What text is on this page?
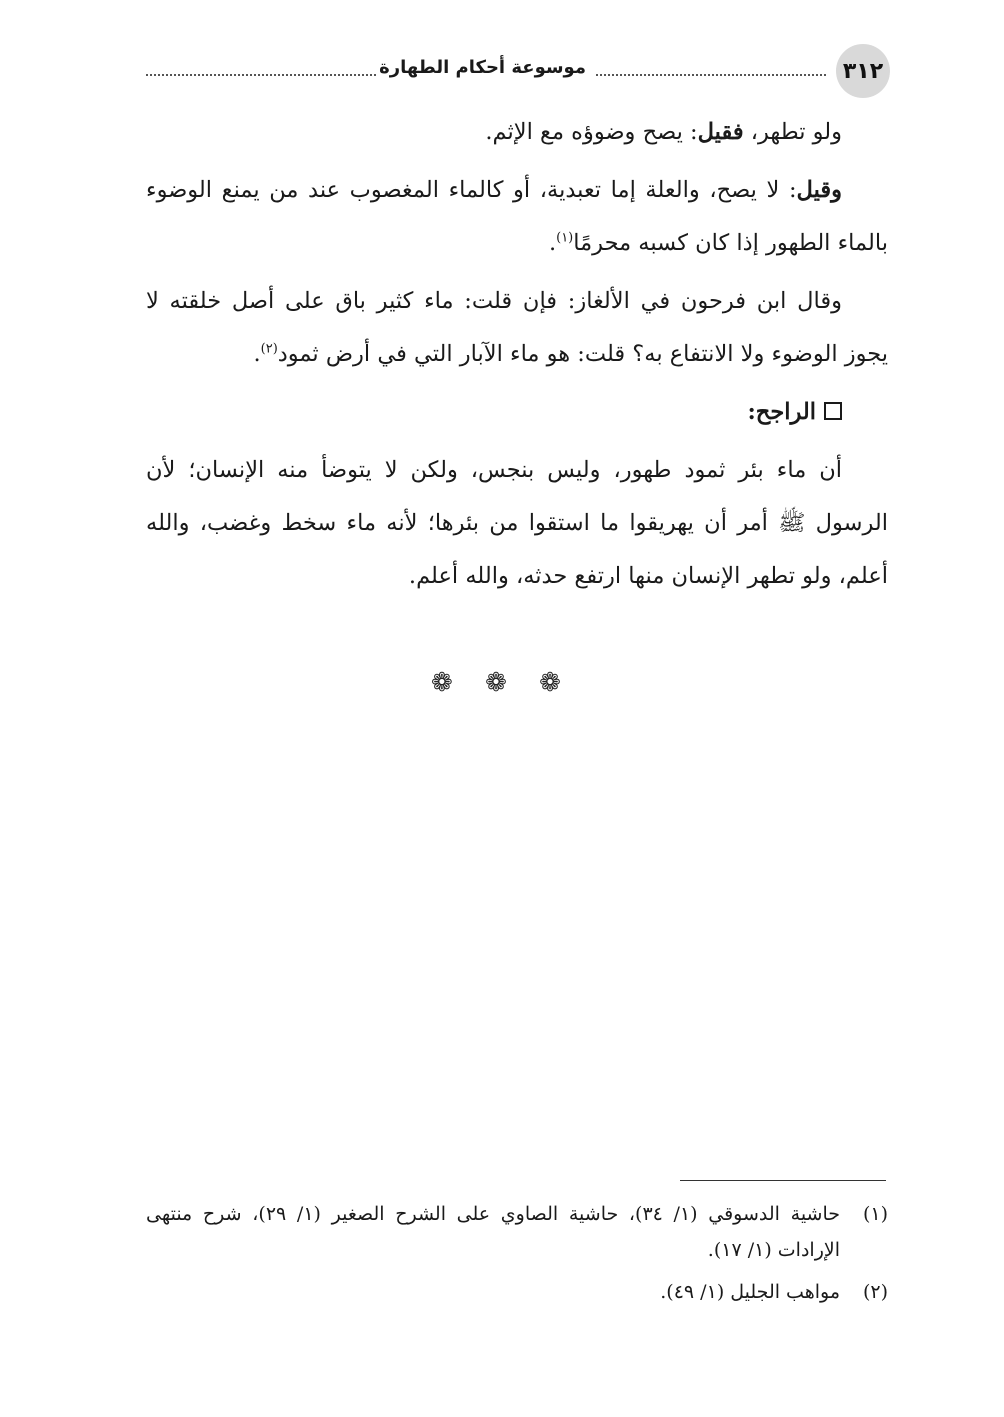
٣١٢
موسوعة أحكام الطهارة

ولو تطهر، فقيل: يصح وضوؤه مع الإثم.

وقيل: لا يصح، والعلة إما تعبدية، أو كالماء المغصوب عند من يمنع الوضوء بالماء الطهور إذا كان كسبه محرمًا$^{(١)}$.

وقال ابن فرحون في الألغاز: فإن قلت: ماء كثير باق على أصل خلقته لا يجوز الوضوء ولا الانتفاع به؟ قلت: هو ماء الآبار التي في أرض ثمود$^{(٢)}$.

الراجح:

أن ماء بئر ثمود طهور، وليس بنجس، ولكن لا يتوضأ منه الإنسان؛ لأن الرسول ﷺ أمر أن يهريقوا ما استقوا من بئرها؛ لأنه ماء سخط وغضب، والله أعلم، ولو تطهر الإنسان منها ارتفع حدثه، والله أعلم.

❁ ❁ ❁
(١)
حاشية الدسوقي (١/ ٣٤)، حاشية الصاوي على الشرح الصغير (١/ ٢٩)، شرح منتهى الإرادات (١/ ١٧).
(٢)
مواهب الجليل (١/ ٤٩).
